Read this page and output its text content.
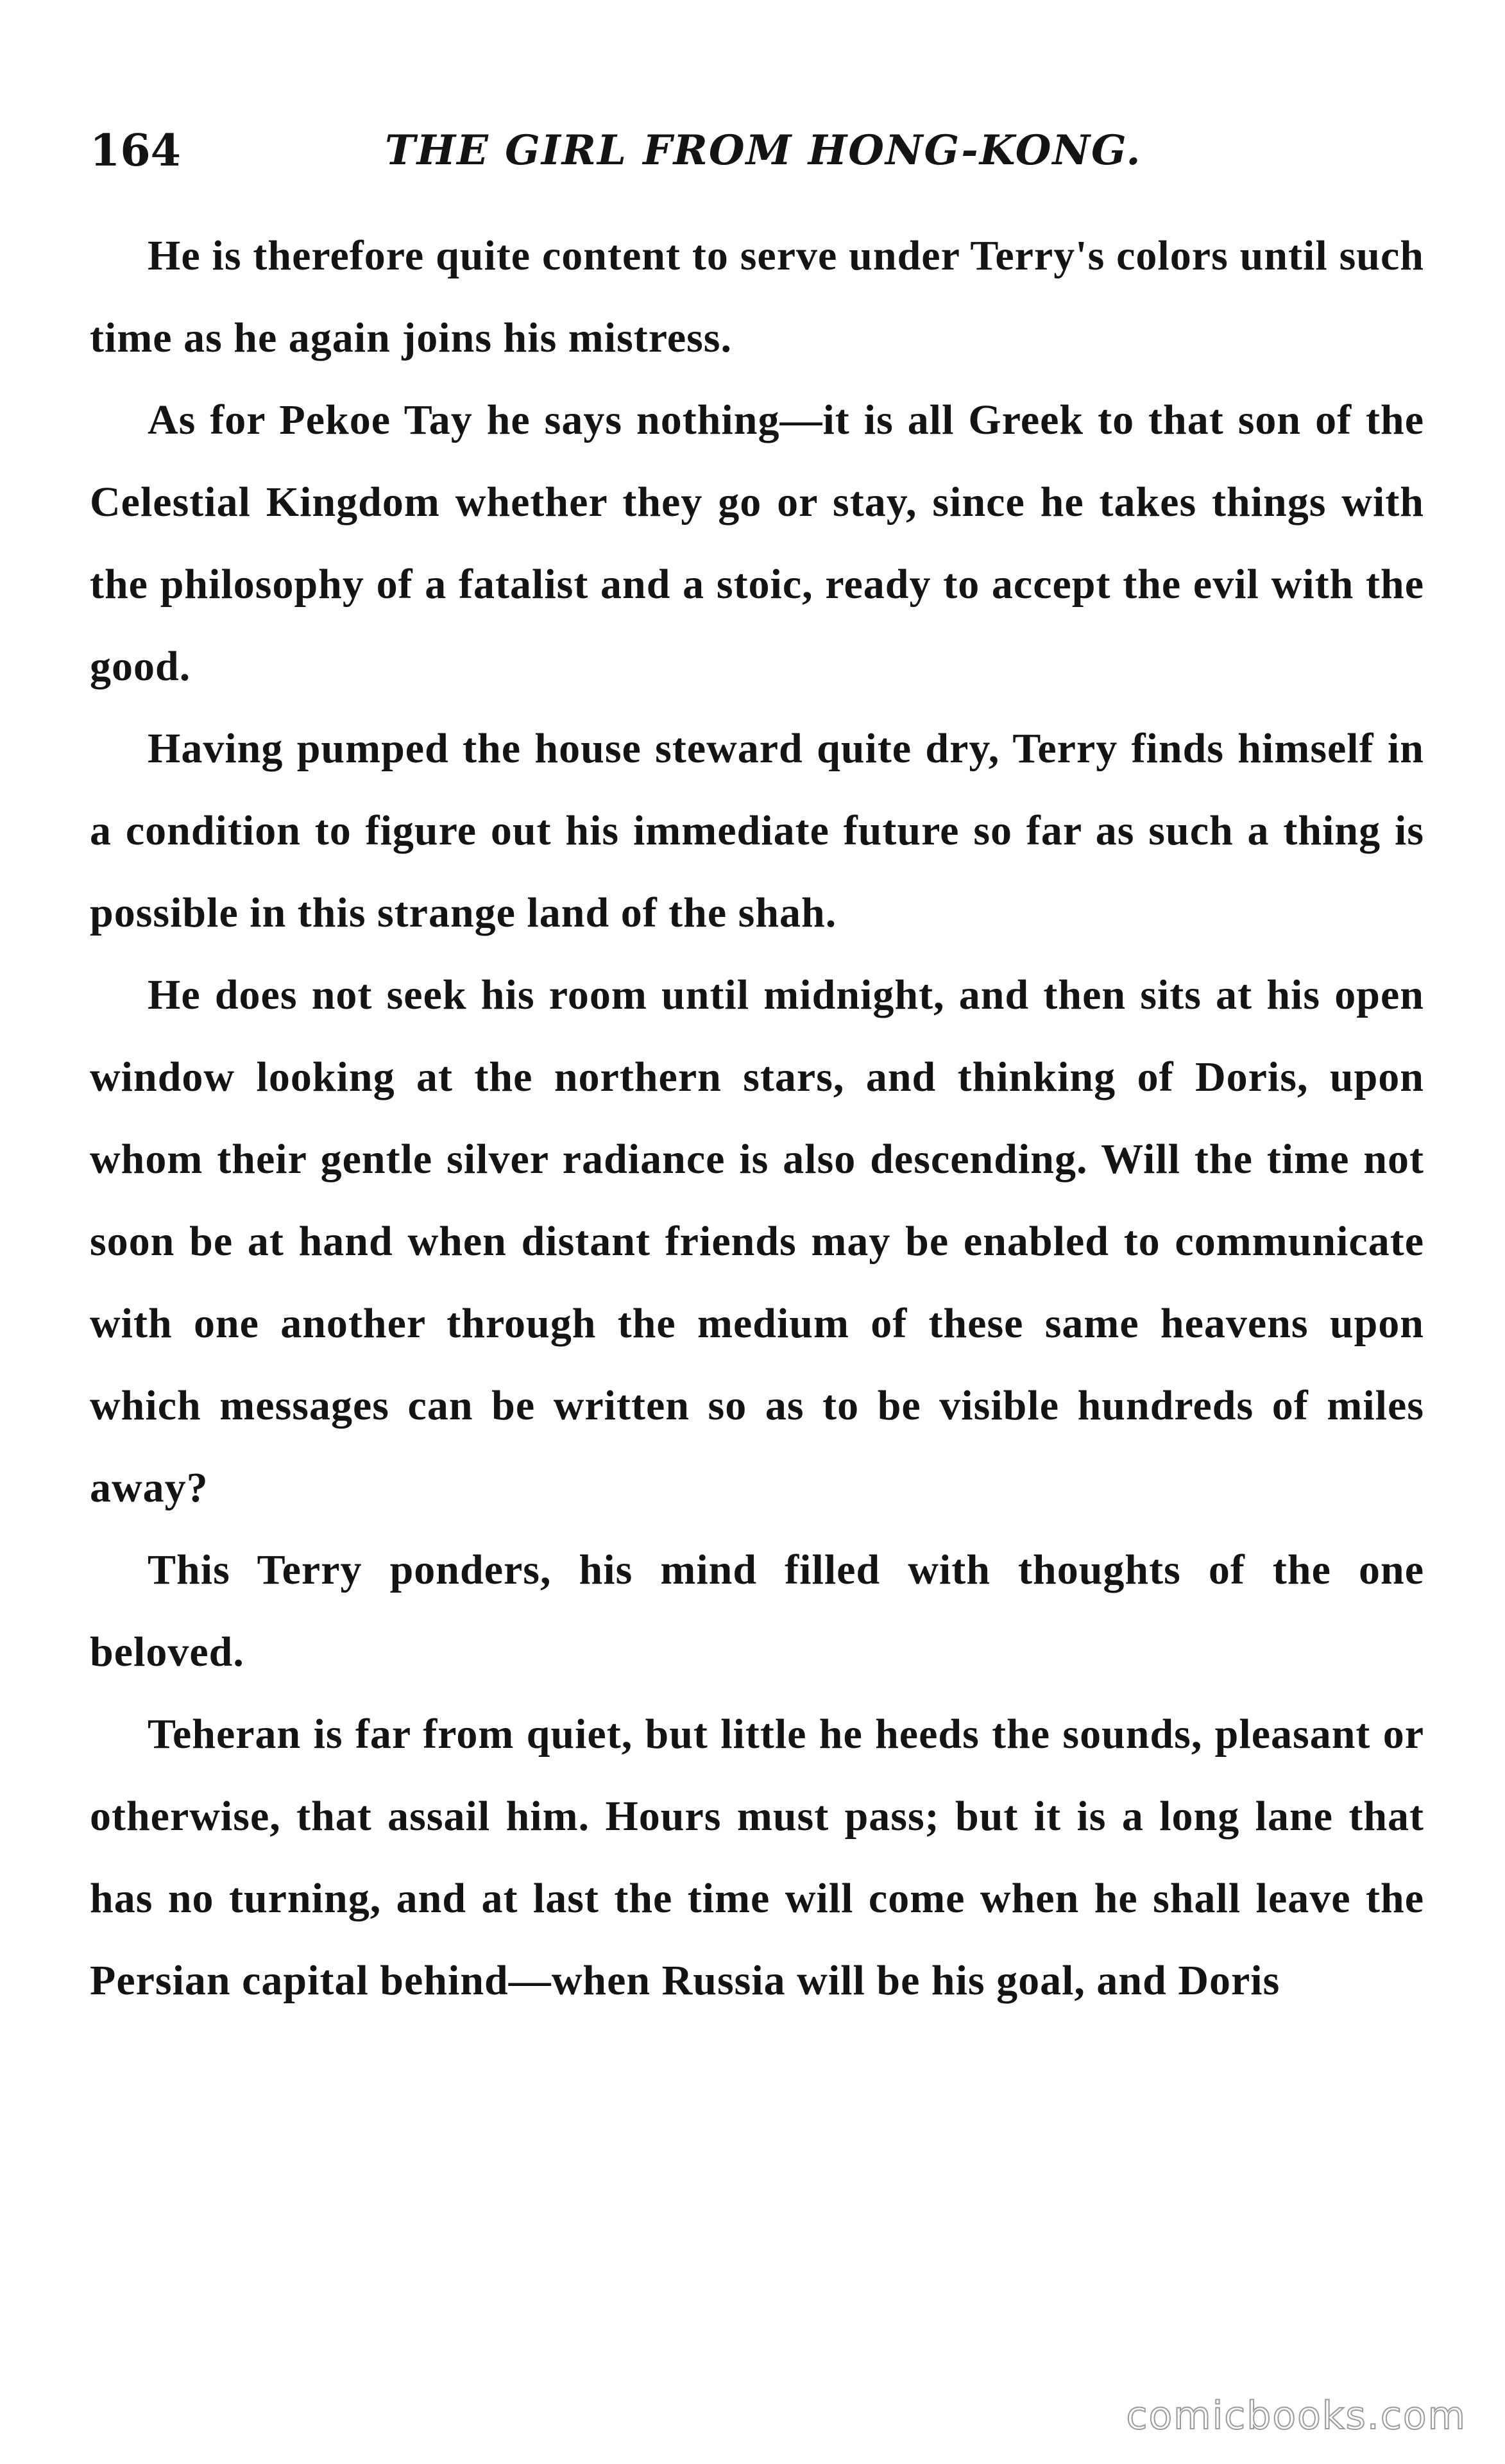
164	THE GIRL FROM HONG-KONG.

He is therefore quite content to serve under Terry's colors until such time as he again joins his mistress.

As for Pekoe Tay he says nothing—it is all Greek to that son of the Celestial Kingdom whether they go or stay, since he takes things with the philosophy of a fatalist and a stoic, ready to accept the evil with the good.

Having pumped the house steward quite dry, Terry finds himself in a condition to figure out his immediate future so far as such a thing is possible in this strange land of the shah.

He does not seek his room until midnight, and then sits at his open window looking at the northern stars, and thinking of Doris, upon whom their gentle silver radiance is also descending. Will the time not soon be at hand when distant friends may be enabled to communicate with one another through the medium of these same heavens upon which messages can be written so as to be visible hundreds of miles away?

This Terry ponders, his mind filled with thoughts of the one beloved.

Teheran is far from quiet, but little he heeds the sounds, pleasant or otherwise, that assail him. Hours must pass; but it is a long lane that has no turning, and at last the time will come when he shall leave the Persian capital behind—when Russia will be his goal, and Doris

comicbooks.com
